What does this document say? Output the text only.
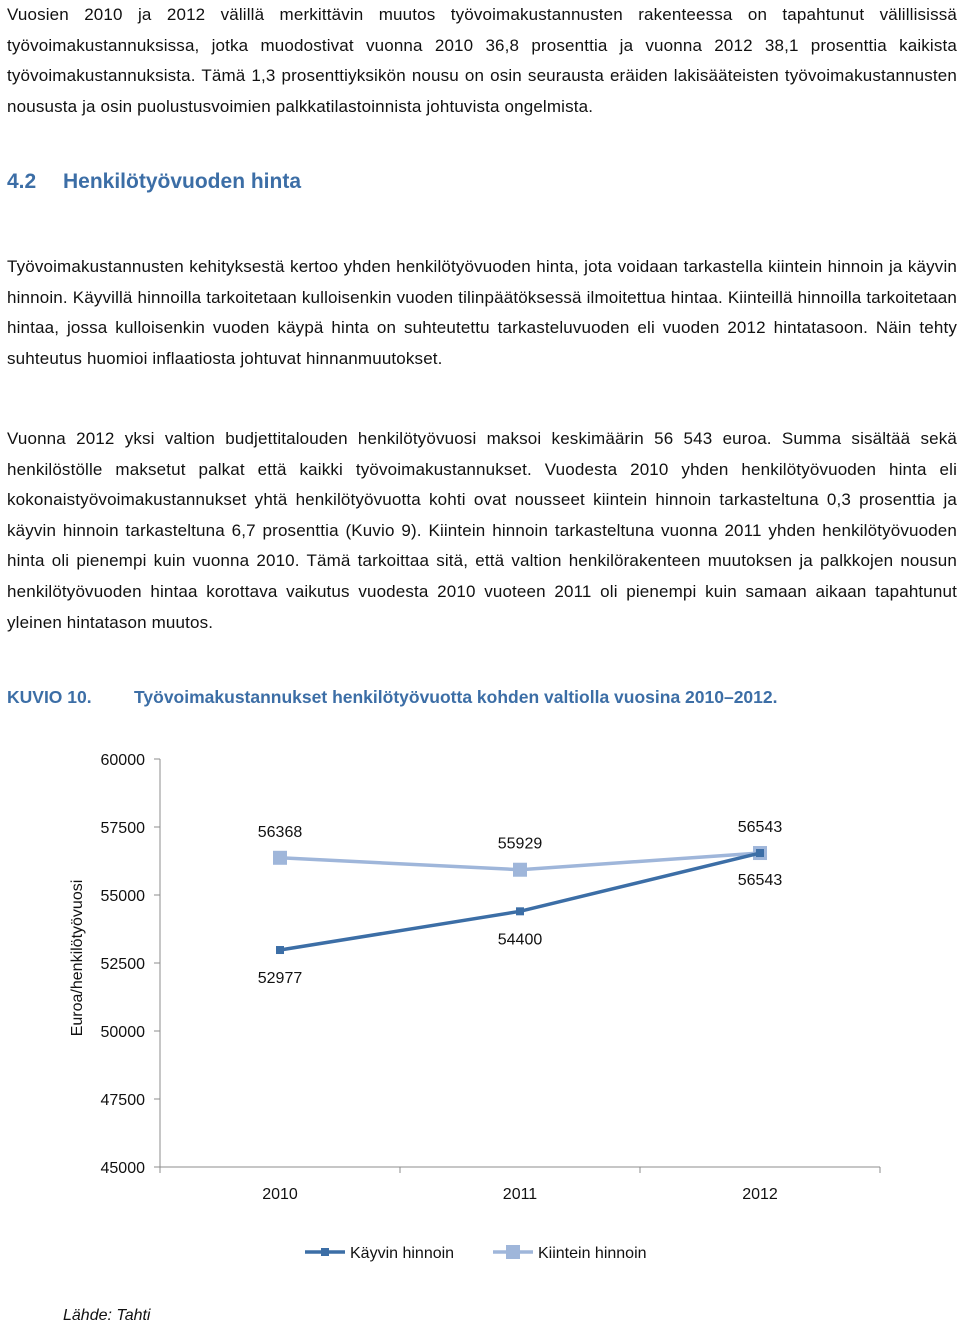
Vuosien 2010 ja 2012 välillä merkittävin muutos työvoimakustannusten rakenteessa on tapahtunut välillisissä työvoimakustannuksissa, jotka muodostivat vuonna 2010 36,8 prosenttia ja vuonna 2012 38,1 prosenttia kaikista työvoimakustannuksista. Tämä 1,3 prosenttiyksikön nousu on osin seurausta eräiden lakisääteisten työvoimakustannusten noususta ja osin puolustusvoimien palkkatilastoinnista johtuvista ongelmista.

4.2 Henkilötyövuoden hinta

Työvoimakustannusten kehityksestä kertoo yhden henkilötyövuoden hinta, jota voidaan tarkastella kiintein hinnoin ja käyvin hinnoin. Käyvillä hinnoilla tarkoitetaan kulloisenkin vuoden tilinpäätöksessä ilmoitettua hintaa. Kiinteillä hinnoilla tarkoitetaan hintaa, jossa kulloisenkin vuoden käypä hinta on suhteutettu tarkasteluvuoden eli vuoden 2012 hintatasoon. Näin tehty suhteutus huomioi inflaatiosta johtuvat hinnanmuutokset.

Vuonna 2012 yksi valtion budjettitalouden henkilötyövuosi maksoi keskimäärin 56 543 euroa. Summa sisältää sekä henkilöstölle maksetut palkat että kaikki työvoimakustannukset. Vuodesta 2010 yhden henkilötyövuoden hinta eli kokonaistyövoimakustannukset yhtä henkilötyövuotta kohti ovat nousseet kiintein hinnoin tarkasteltuna 0,3 prosenttia ja käyvin hinnoin tarkasteltuna 6,7 prosenttia (Kuvio 9). Kiintein hinnoin tarkasteltuna vuonna 2011 yhden henkilötyövuoden hinta oli pienempi kuin vuonna 2010. Tämä tarkoittaa sitä, että valtion henkilörakenteen muutoksen ja palkkojen nousun henkilötyövuoden hintaa korottava vaikutus vuodesta 2010 vuoteen 2011 oli pienempi kuin samaan aikaan tapahtunut yleinen hintatason muutos.

KUVIO 10. Työvoimakustannukset henkilötyövuotta kohden valtiolla vuosina 2010–2012.

45000
47500
50000
52500
55000
57500
60000
2010	2011	2012
56368
55929
56543
52977
54400
56543
Käyvin hinnoin	Kiintein hinnoin
Euroa/henkilötyövuosi

Lähde: Tahti
